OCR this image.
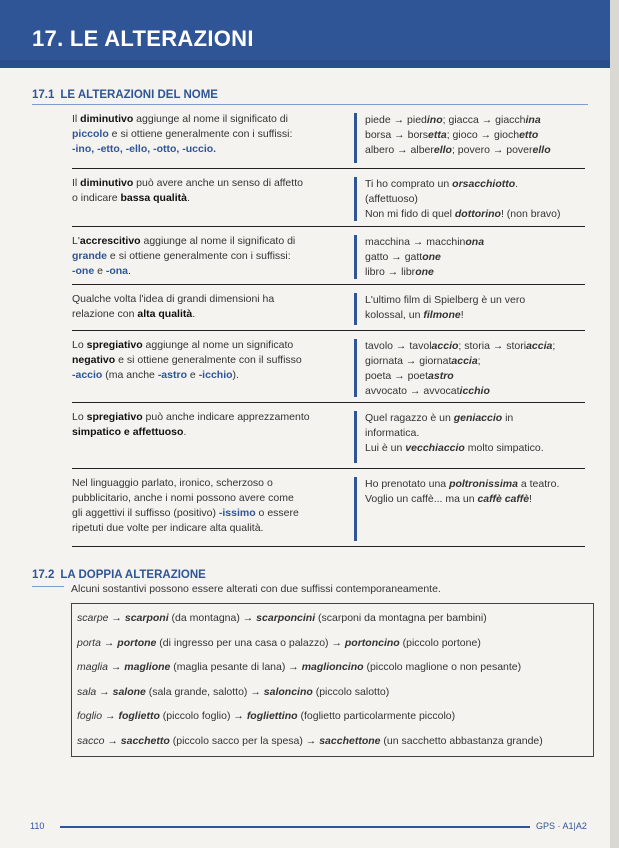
17. LE ALTERAZIONI
17.1 LE ALTERAZIONI DEL NOME
Il diminutivo aggiunge al nome il significato di
piccolo e si ottiene generalmente con i suffissi:
-ino, -etto, -ello, -otto, -uccio.
piede → piedino; giacca → giacchina
borsa → borsetta; gioco → giochetto
albero → alberello; povero → poverello
Il diminutivo può avere anche un senso di affetto
o indicare bassa qualità.
Ti ho comprato un orsacchiotto.
(affettuoso)
Non mi fido di quel dottorino! (non bravo)
L'accrescitivo aggiunge al nome il significato di
grande e si ottiene generalmente con i suffissi:
-one e -ona.
macchina → macchinona
gatto → gattone
libro → librone
Qualche volta l'idea di grandi dimensioni ha
relazione con alta qualità.
L'ultimo film di Spielberg è un vero
kolossal, un filmone!
Lo spregiativo aggiunge al nome un significato
negativo e si ottiene generalmente con il suffisso
-accio (ma anche -astro e -icchio).
tavolo → tavolaccio; storia → storiaccia;
giornata → giornataccia;
poeta → poetastro
avvocato → avvocaticchio
Lo spregiativo può anche indicare apprezzamento
simpatico e affettuoso.
Quel ragazzo è un geniaccio in
informatica.
Lui è un vecchiaccio molto simpatico.
Nel linguaggio parlato, ironico, scherzoso o
pubblicitario, anche i nomi possono avere come
gli aggettivi il suffisso (positivo) -issimo o essere
ripetuti due volte per indicare alta qualità.
Ho prenotato una poltronissima a teatro.
Voglio un caffè... ma un caffè caffè!
17.2 LA DOPPIA ALTERAZIONE
Alcuni sostantivi possono essere alterati con due suffissi contemporaneamente.
scarpe → scarponi (da montagna) → scarponcini (scarponi da montagna per bambini)
porta → portone (di ingresso per una casa o palazzo) → portoncino (piccolo portone)
maglia → maglione (maglia pesante di lana) → maglioncino (piccolo maglione o non pesante)
sala → salone (sala grande, salotto) → saloncino (piccolo salotto)
foglio → foglietto (piccolo foglio) → fogliettino (foglietto particolarmente piccolo)
sacco → sacchetto (piccolo sacco per la spesa) → sacchettone (un sacchetto abbastanza grande)
110	GPS · A1|A2
